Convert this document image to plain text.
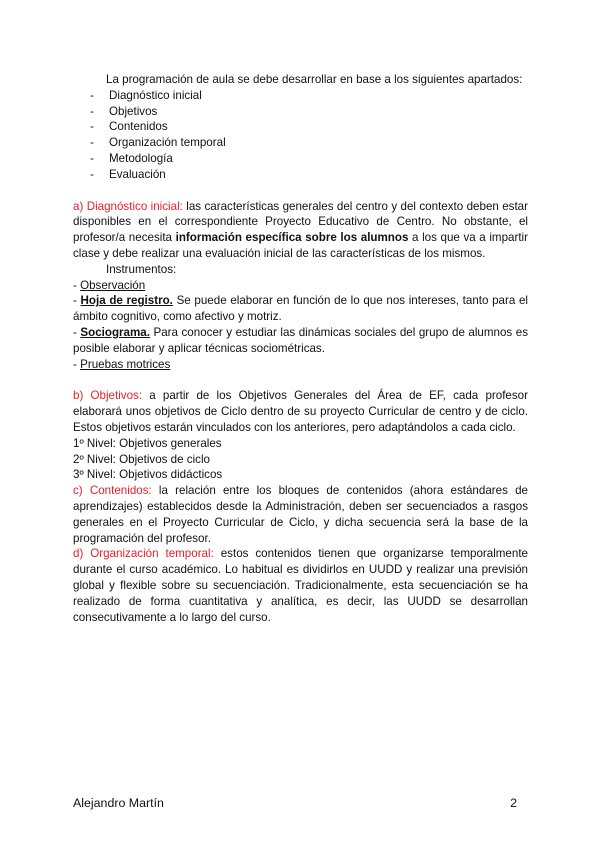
La programación de aula se debe desarrollar en base a los siguientes apartados:

- Diagnóstico inicial
- Objetivos
- Contenidos
- Organización temporal
- Metodología
- Evaluación

a) Diagnóstico inicial: las características generales del centro y del contexto deben estar disponibles en el correspondiente Proyecto Educativo de Centro. No obstante, el profesor/a necesita información específica sobre los alumnos a los que va a impartir clase y debe realizar una evaluación inicial de las características de los mismos.

Instrumentos:

- Observación

- Hoja de registro. Se puede elaborar en función de lo que nos intereses, tanto para el ámbito cognitivo, como afectivo y motriz.

- Sociograma. Para conocer y estudiar las dinámicas sociales del grupo de alumnos es posible elaborar y aplicar técnicas sociométricas.

- Pruebas motrices

b) Objetivos: a partir de los Objetivos Generales del Área de EF, cada profesor elaborará unos objetivos de Ciclo dentro de su proyecto Curricular de centro y de ciclo. Estos objetivos estarán vinculados con los anteriores, pero adaptándolos a cada ciclo.

1º Nivel: Objetivos generales

2º Nivel: Objetivos de ciclo

3º Nivel: Objetivos didácticos

c) Contenidos: la relación entre los bloques de contenidos (ahora estándares de aprendizajes) establecidos desde la Administración, deben ser secuenciados a rasgos generales en el Proyecto Curricular de Ciclo, y dicha secuencia será la base de la programación del profesor.

d) Organización temporal: estos contenidos tienen que organizarse temporalmente durante el curso académico. Lo habitual es dividirlos en UUDD y realizar una previsión global y flexible sobre su secuenciación. Tradicionalmente, esta secuenciación se ha realizado de forma cuantitativa y analítica, es decir, las UUDD se desarrollan consecutivamente a lo largo del curso.

Alejandro Martín	2
